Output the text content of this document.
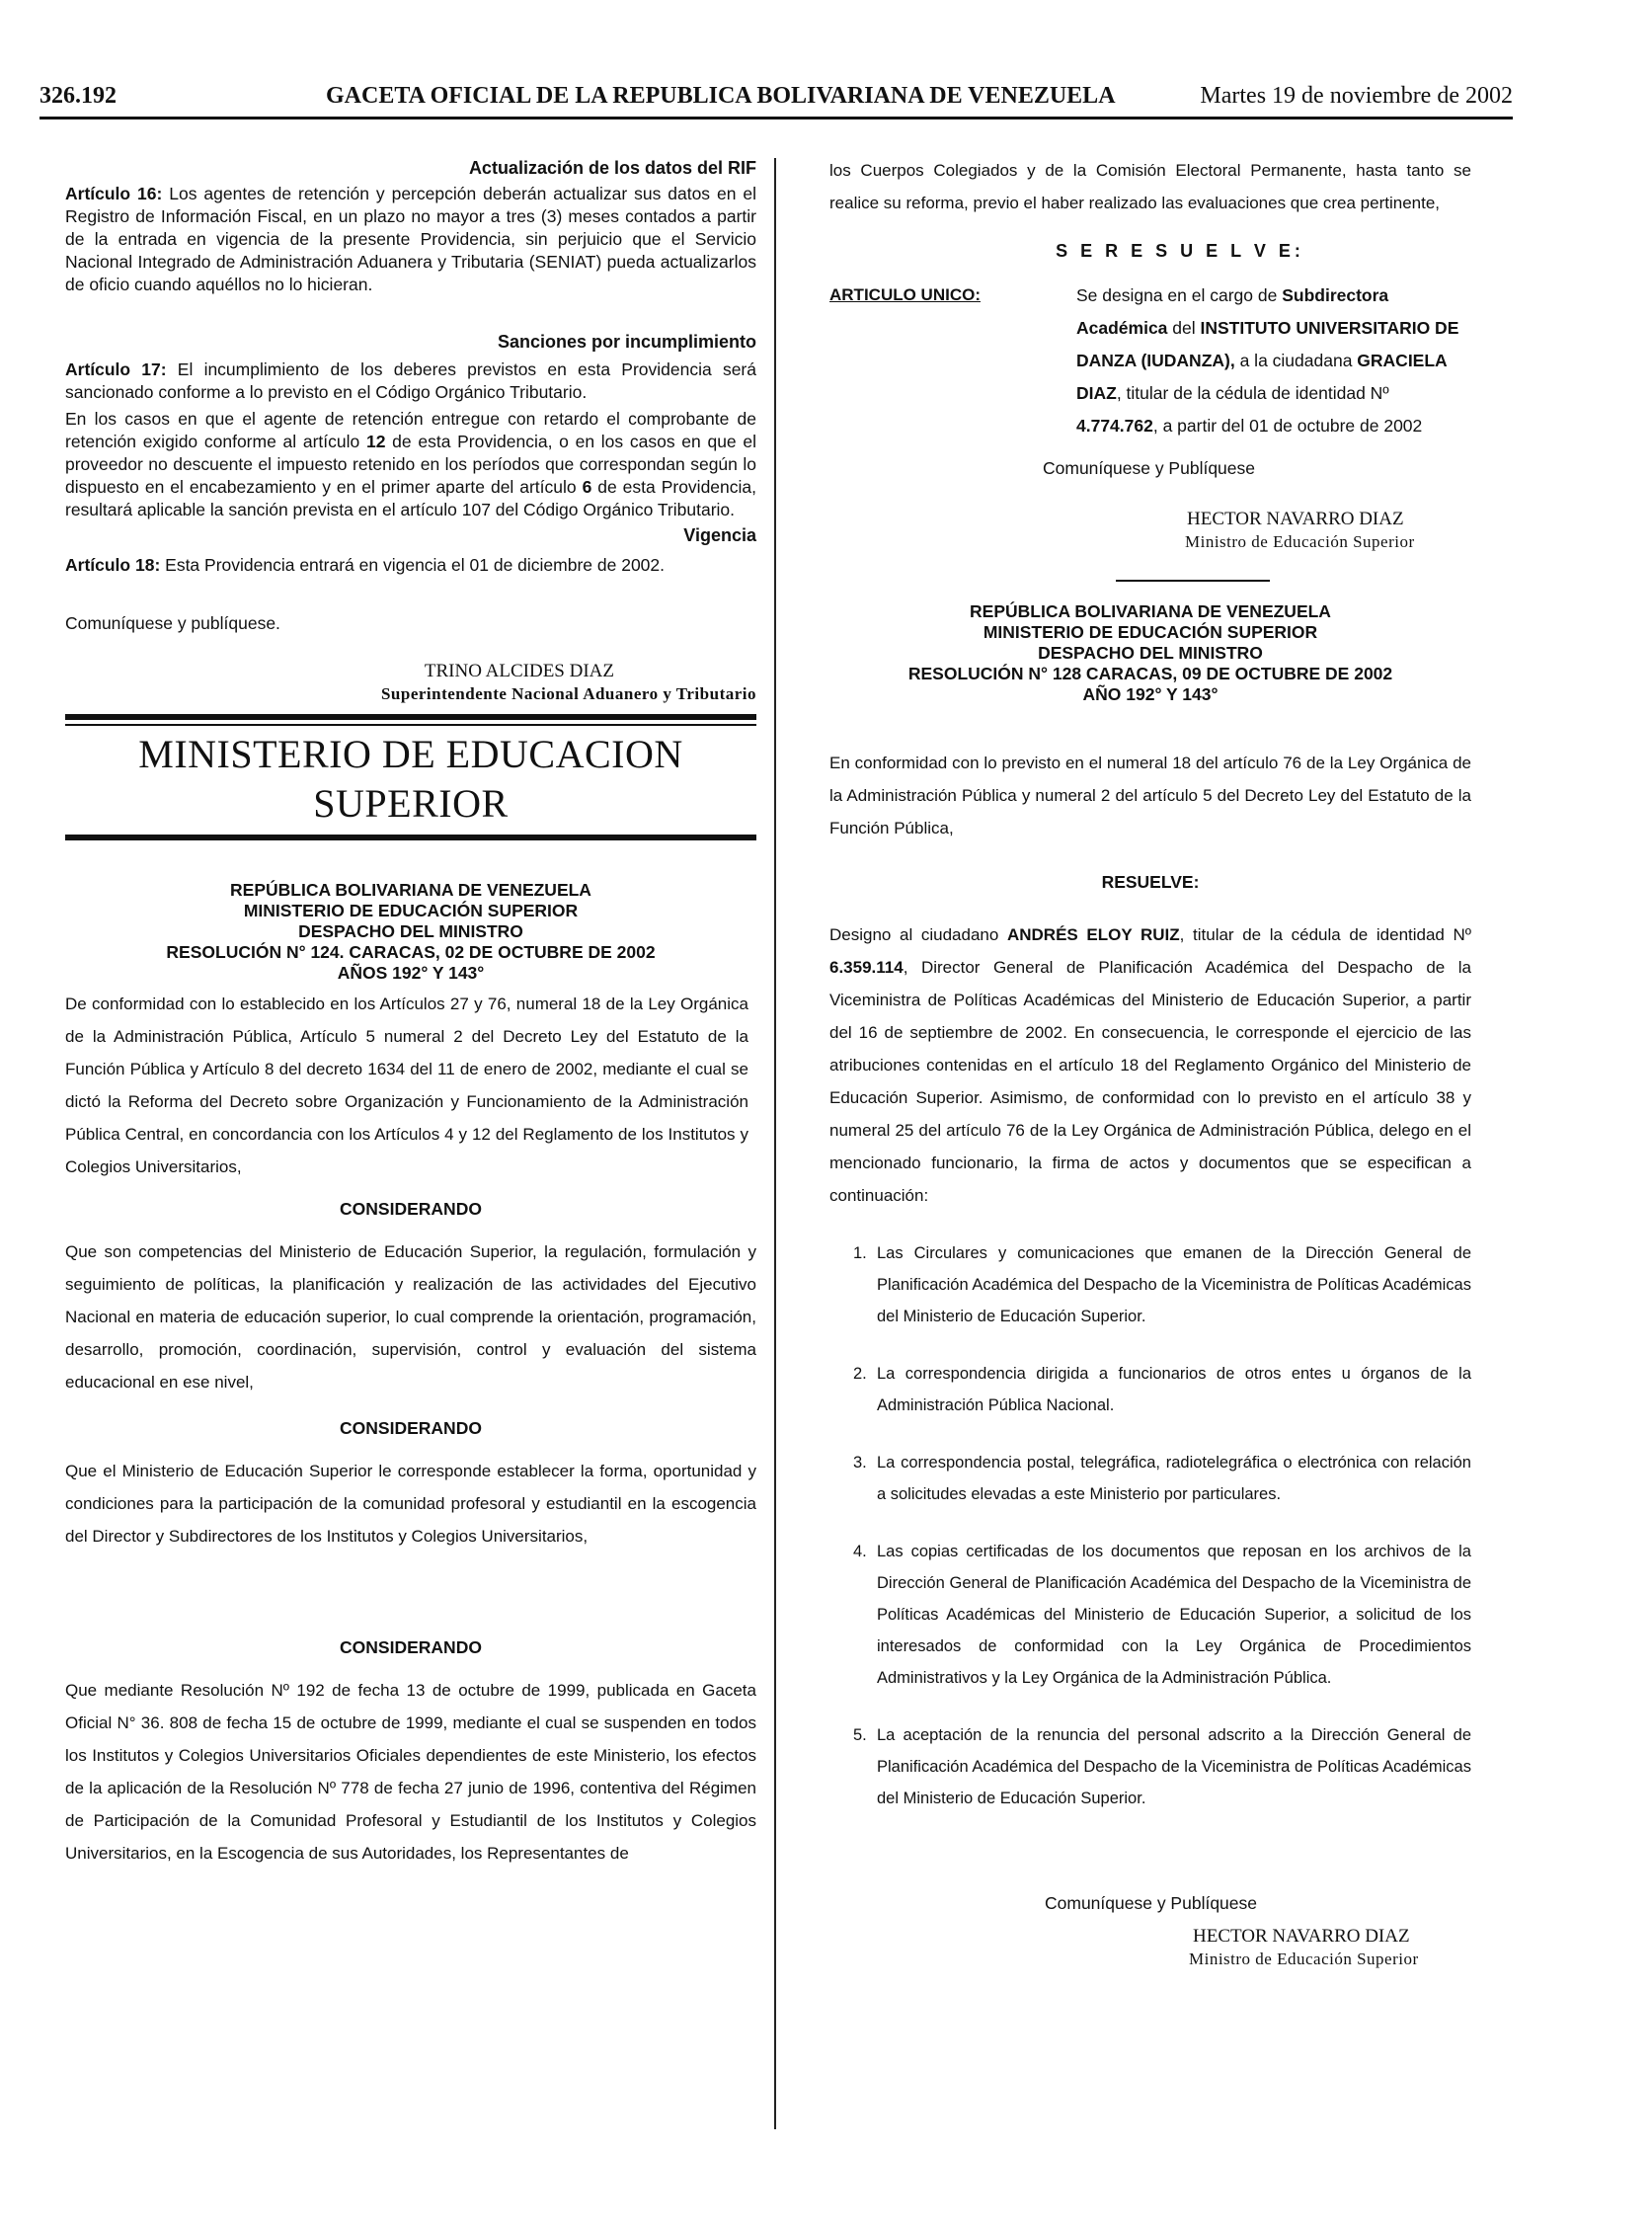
326.192	GACETA OFICIAL DE LA REPUBLICA BOLIVARIANA DE VENEZUELA	Martes 19 de noviembre de 2002

Actualización de los datos del RIF

Artículo 16: Los agentes de retención y percepción deberán actualizar sus datos en el Registro de Información Fiscal, en un plazo no mayor a tres (3) meses contados a partir de la entrada en vigencia de la presente Providencia, sin perjuicio que el Servicio Nacional Integrado de Administración Aduanera y Tributaria (SENIAT) pueda actualizarlos de oficio cuando aquéllos no lo hicieran.

Sanciones por incumplimiento

Artículo 17: El incumplimiento de los deberes previstos en esta Providencia será sancionado conforme a lo previsto en el Código Orgánico Tributario.

En los casos en que el agente de retención entregue con retardo el comprobante de retención exigido conforme al artículo 12 de esta Providencia, o en los casos en que el proveedor no descuente el impuesto retenido en los períodos que correspondan según lo dispuesto en el encabezamiento y en el primer aparte del artículo 6 de esta Providencia, resultará aplicable la sanción prevista en el artículo 107 del Código Orgánico Tributario.

Vigencia

Artículo 18: Esta Providencia entrará en vigencia el 01 de diciembre de 2002.

Comuníquese y publíquese.

TRINO ALCIDES DIAZ

Superintendente Nacional Aduanero y Tributario

MINISTERIO DE EDUCACION

SUPERIOR

REPÚBLICA BOLIVARIANA DE VENEZUELA

MINISTERIO DE EDUCACIÓN SUPERIOR

DESPACHO DEL MINISTRO

RESOLUCIÓN N° 124. CARACAS, 02 DE OCTUBRE DE 2002

AÑOS 192° Y 143°

De conformidad con lo establecido en los Artículos 27 y 76, numeral 18 de la Ley Orgánica de la Administración Pública, Artículo 5 numeral 2 del Decreto Ley del Estatuto de la Función Pública y Artículo 8 del decreto 1634 del 11 de enero de 2002, mediante el cual se dictó la Reforma del Decreto sobre Organización y Funcionamiento de la Administración Pública Central, en concordancia con los Artículos 4 y 12 del Reglamento de los Institutos y Colegios Universitarios,

CONSIDERANDO

Que son competencias del Ministerio de Educación Superior, la regulación, formulación y seguimiento de políticas, la planificación y realización de las actividades del Ejecutivo Nacional en materia de educación superior, lo cual comprende la orientación, programación, desarrollo, promoción, coordinación, supervisión, control y evaluación del sistema educacional en ese nivel,

CONSIDERANDO

Que el Ministerio de Educación Superior le corresponde establecer la forma, oportunidad y condiciones para la participación de la comunidad profesoral y estudiantil en la escogencia del Director y Subdirectores de los Institutos y Colegios Universitarios,

CONSIDERANDO

Que mediante Resolución Nº 192 de fecha 13 de octubre de 1999, publicada en Gaceta Oficial N° 36. 808 de fecha 15 de octubre de 1999, mediante el cual se suspenden en todos los Institutos y Colegios Universitarios Oficiales dependientes de este Ministerio, los efectos de la aplicación de la Resolución Nº 778 de fecha 27 junio de 1996, contentiva del Régimen de Participación de la Comunidad Profesoral y Estudiantil de los Institutos y Colegios Universitarios, en la Escogencia de sus Autoridades, los Representantes de

los Cuerpos Colegiados y de la Comisión Electoral Permanente, hasta tanto se realice su reforma, previo el haber realizado las evaluaciones que crea pertinente,

S E R E S U E L V E:

ARTICULO UNICO:	Se designa en el cargo de Subdirectora Académica del INSTITUTO UNIVERSITARIO DE DANZA (IUDANZA), a la ciudadana GRACIELA DIAZ, titular de la cédula de identidad Nº 4.774.762, a partir del 01 de octubre de 2002

Comuníquese y Publíquese

HECTOR NAVARRO DIAZ

Ministro de Educación Superior

REPÚBLICA BOLIVARIANA DE VENEZUELA

MINISTERIO DE EDUCACIÓN SUPERIOR

DESPACHO DEL MINISTRO

RESOLUCIÓN N° 128 CARACAS, 09 DE OCTUBRE DE 2002

AÑO 192° Y 143°

En conformidad con lo previsto en el numeral 18 del artículo 76 de la Ley Orgánica de la Administración Pública y numeral 2 del artículo 5 del Decreto Ley del Estatuto de la Función Pública,

RESUELVE:

Designo al ciudadano ANDRÉS ELOY RUIZ, titular de la cédula de identidad Nº 6.359.114, Director General de Planificación Académica del Despacho de la Viceministra de Políticas Académicas del Ministerio de Educación Superior, a partir del 16 de septiembre de 2002. En consecuencia, le corresponde el ejercicio de las atribuciones contenidas en el artículo 18 del Reglamento Orgánico del Ministerio de Educación Superior. Asimismo, de conformidad con lo previsto en el artículo 38 y numeral 25 del artículo 76 de la Ley Orgánica de Administración Pública, delego en el mencionado funcionario, la firma de actos y documentos que se especifican a continuación:

1. Las Circulares y comunicaciones que emanen de la Dirección General de Planificación Académica del Despacho de la Viceministra de Políticas Académicas del Ministerio de Educación Superior.
2. La correspondencia dirigida a funcionarios de otros entes u órganos de la Administración Pública Nacional.
3. La correspondencia postal, telegráfica, radiotelegráfica o electrónica con relación a solicitudes elevadas a este Ministerio por particulares.
4. Las copias certificadas de los documentos que reposan en los archivos de la Dirección General de Planificación Académica del Despacho de la Viceministra de Políticas Académicas del Ministerio de Educación Superior, a solicitud de los interesados de conformidad con la Ley Orgánica de Procedimientos Administrativos y la Ley Orgánica de la Administración Pública.
5. La aceptación de la renuncia del personal adscrito a la Dirección General de Planificación Académica del Despacho de la Viceministra de Políticas Académicas del Ministerio de Educación Superior.

Comuníquese y Publíquese

HECTOR NAVARRO DIAZ

Ministro de Educación Superior
